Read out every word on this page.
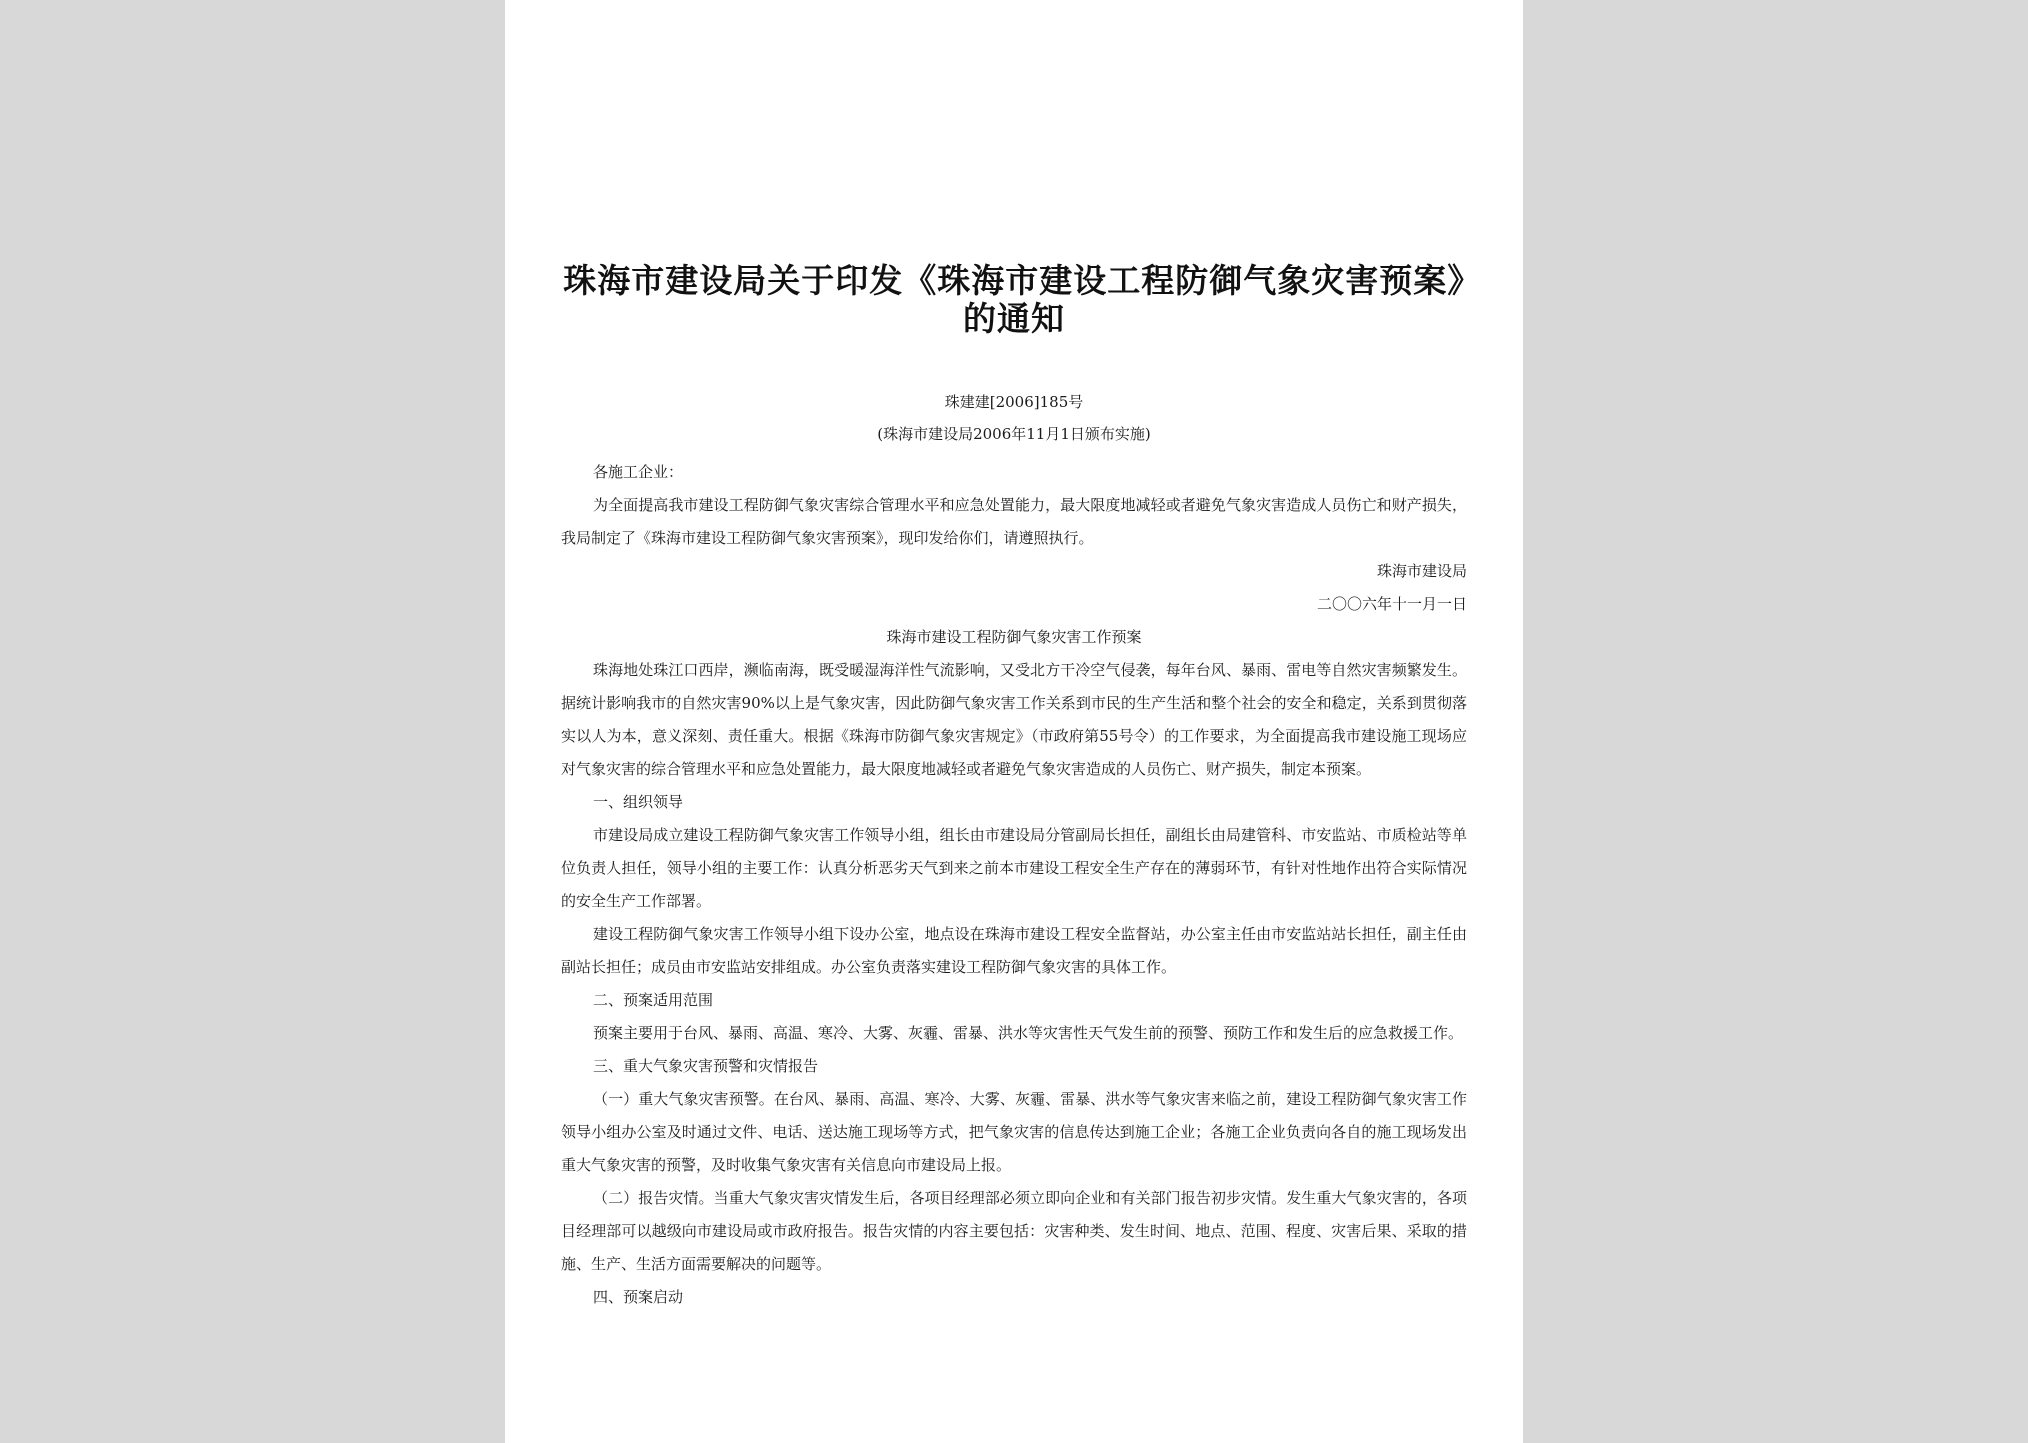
珠海市建设局关于印发《珠海市建设工程防御气象灾害预案》的通知
珠建建[2006]185号
(珠海市建设局2006年11月1日颁布实施)
各施工企业：

为全面提高我市建设工程防御气象灾害综合管理水平和应急处置能力，最大限度地减轻或者避免气象灾害造成人员伤亡和财产损失，我局制定了《珠海市建设工程防御气象灾害预案》，现印发给你们，请遵照执行。

珠海市建设局

二〇〇六年十一月一日

珠海市建设工程防御气象灾害工作预案

珠海地处珠江口西岸，濒临南海，既受暖湿海洋性气流影响，又受北方干冷空气侵袭，每年台风、暴雨、雷电等自然灾害频繁发生。据统计影响我市的自然灾害90%以上是气象灾害，因此防御气象灾害工作关系到市民的生产生活和整个社会的安全和稳定，关系到贯彻落实以人为本，意义深刻、责任重大。根据《珠海市防御气象灾害规定》（市政府第55号令）的工作要求，为全面提高我市建设施工现场应对气象灾害的综合管理水平和应急处置能力，最大限度地减轻或者避免气象灾害造成的人员伤亡、财产损失，制定本预案。

一、组织领导

市建设局成立建设工程防御气象灾害工作领导小组，组长由市建设局分管副局长担任，副组长由局建管科、市安监站、市质检站等单位负责人担任，领导小组的主要工作：认真分析恶劣天气到来之前本市建设工程安全生产存在的薄弱环节，有针对性地作出符合实际情况的安全生产工作部署。

建设工程防御气象灾害工作领导小组下设办公室，地点设在珠海市建设工程安全监督站，办公室主任由市安监站站长担任，副主任由副站长担任；成员由市安监站安排组成。办公室负责落实建设工程防御气象灾害的具体工作。

二、预案适用范围

预案主要用于台风、暴雨、高温、寒冷、大雾、灰霾、雷暴、洪水等灾害性天气发生前的预警、预防工作和发生后的应急救援工作。

三、重大气象灾害预警和灾情报告

（一）重大气象灾害预警。在台风、暴雨、高温、寒冷、大雾、灰霾、雷暴、洪水等气象灾害来临之前，建设工程防御气象灾害工作领导小组办公室及时通过文件、电话、送达施工现场等方式，把气象灾害的信息传达到施工企业；各施工企业负责向各自的施工现场发出重大气象灾害的预警，及时收集气象灾害有关信息向市建设局上报。

（二）报告灾情。当重大气象灾害灾情发生后，各项目经理部必须立即向企业和有关部门报告初步灾情。发生重大气象灾害的，各项目经理部可以越级向市建设局或市政府报告。报告灾情的内容主要包括：灾害种类、发生时间、地点、范围、程度、灾害后果、采取的措施、生产、生活方面需要解决的问题等。

四、预案启动
